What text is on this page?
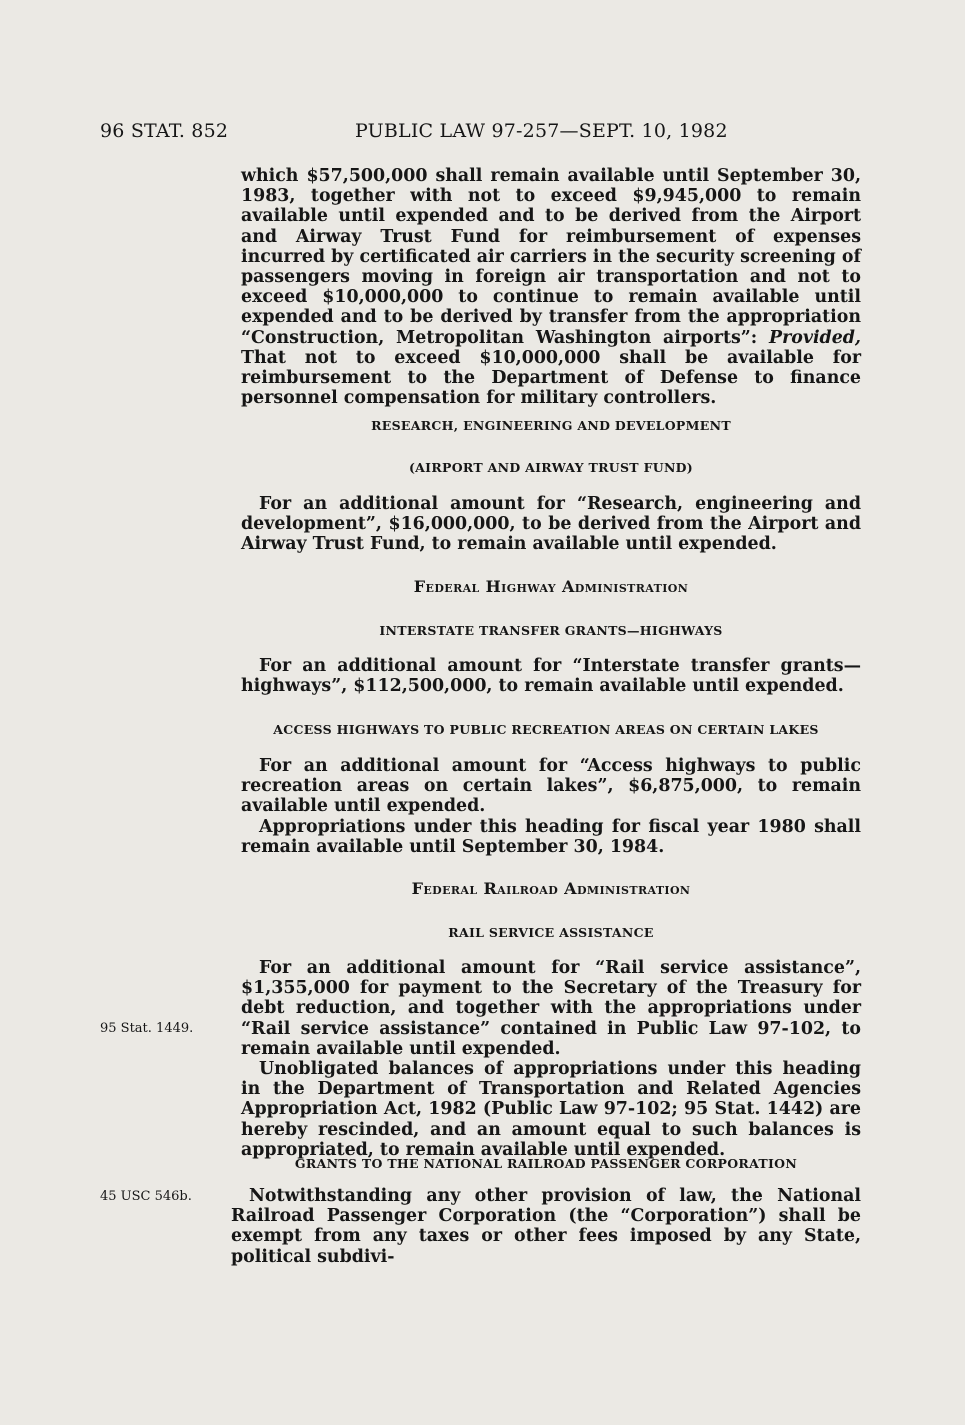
96 STAT. 852	PUBLIC LAW 97-257—SEPT. 10, 1982
95 Stat. 1449.
45 USC 546b.

which $57,500,000 shall remain available until September 30, 1983, together with not to exceed $9,945,000 to remain available until expended and to be derived from the Airport and Airway Trust Fund for reimbursement of expenses incurred by certificated air carriers in the security screening of passengers moving in foreign air transportation and not to exceed $10,000,000 to continue to remain available until expended and to be derived by transfer from the appropriation “Construction, Metropolitan Washington airports”: Provided, That not to exceed $10,000,000 shall be available for reimbursement to the Department of Defense to finance personnel compensation for military controllers.

RESEARCH, ENGINEERING AND DEVELOPMENT

(AIRPORT AND AIRWAY TRUST FUND)

For an additional amount for “Research, engineering and development”, $16,000,000, to be derived from the Airport and Airway Trust Fund, to remain available until expended.

Federal Highway Administration

INTERSTATE TRANSFER GRANTS—HIGHWAYS

For an additional amount for “Interstate transfer grants—highways”, $112,500,000, to remain available until expended.

ACCESS HIGHWAYS TO PUBLIC RECREATION AREAS ON CERTAIN LAKES

For an additional amount for “Access highways to public recreation areas on certain lakes”, $6,875,000, to remain available until expended.

Appropriations under this heading for fiscal year 1980 shall remain available until September 30, 1984.

Federal Railroad Administration

RAIL SERVICE ASSISTANCE

For an additional amount for “Rail service assistance”, $1,355,000 for payment to the Secretary of the Treasury for debt reduction, and together with the appropriations under “Rail service assistance” contained in Public Law 97-102, to remain available until expended.

Unobligated balances of appropriations under this heading in the Department of Transportation and Related Agencies Appropriation Act, 1982 (Public Law 97-102; 95 Stat. 1442) are hereby rescinded, and an amount equal to such balances is appropriated, to remain available until expended.

GRANTS TO THE NATIONAL RAILROAD PASSENGER CORPORATION

Notwithstanding any other provision of law, the National Railroad Passenger Corporation (the “Corporation”) shall be exempt from any taxes or other fees imposed by any State, political subdivi-
